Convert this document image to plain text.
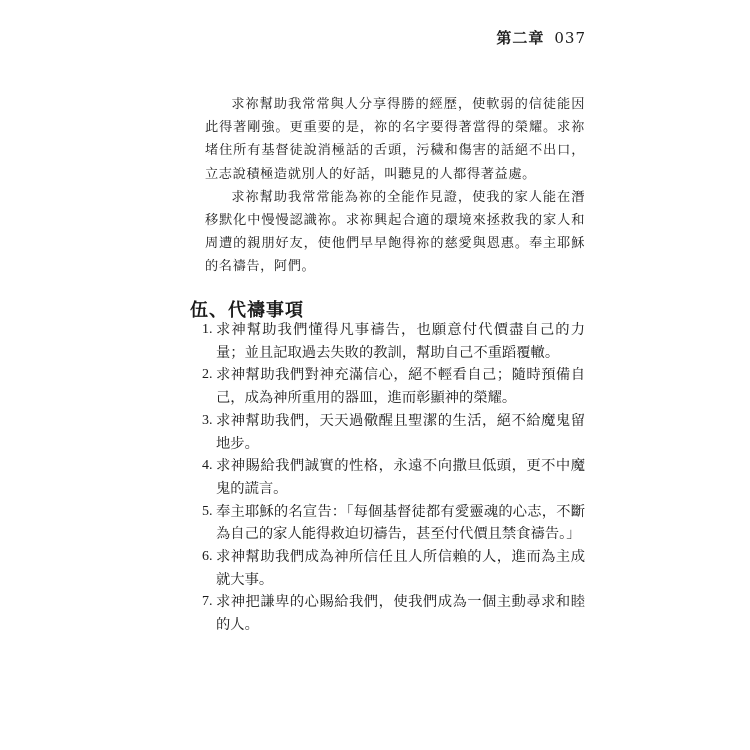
第二章 037

求祢幫助我常常與人分享得勝的經歷，使軟弱的信徒能因此得著剛強。更重要的是，祢的名字要得著當得的榮耀。求祢堵住所有基督徒說消極話的舌頭，污穢和傷害的話絕不出口，立志說積極造就別人的好話，叫聽見的人都得著益處。

求祢幫助我常常能為祢的全能作見證，使我的家人能在潛移默化中慢慢認識祢。求祢興起合適的環境來拯救我的家人和周遭的親朋好友，使他們早早飽得祢的慈愛與恩惠。奉主耶穌的名禱告，阿們。

伍、代禱事項
1. 求神幫助我們懂得凡事禱告，也願意付代價盡自己的力量；並且記取過去失敗的教訓，幫助自己不重蹈覆轍。
2. 求神幫助我們對神充滿信心，絕不輕看自己；隨時預備自己，成為神所重用的器皿，進而彰顯神的榮耀。
3. 求神幫助我們，天天過儆醒且聖潔的生活，絕不給魔鬼留地步。
4. 求神賜給我們誠實的性格，永遠不向撒旦低頭，更不中魔鬼的謊言。
5. 奉主耶穌的名宣告：「每個基督徒都有愛靈魂的心志，不斷為自己的家人能得救迫切禱告，甚至付代價且禁食禱告。」
6. 求神幫助我們成為神所信任且人所信賴的人，進而為主成就大事。
7. 求神把謙卑的心賜給我們，使我們成為一個主動尋求和睦的人。
